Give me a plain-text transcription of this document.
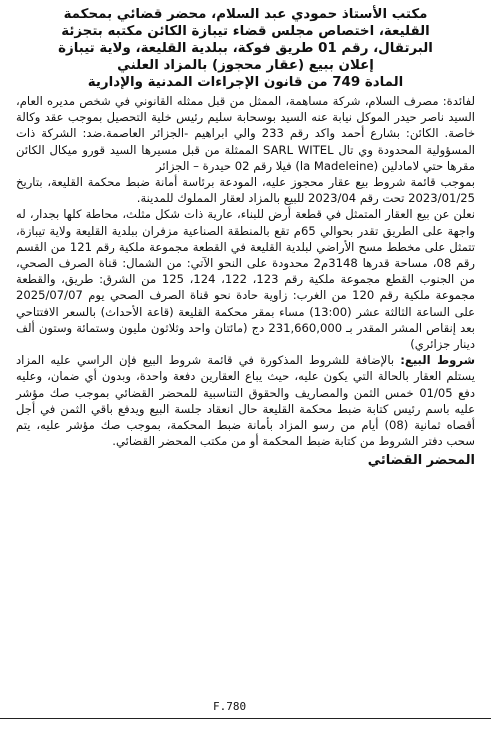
مكتب الأستاذ حمودي عبد السلام، محضر قضائي بمحكمة
القليعة، اختصاص مجلس قضاء تيبازة الكائن مكتبه بتجزئة
البرتقال، رقم 01 طريق فوكة، ببلدية القليعة، ولاية تيبازة
إعلان ببيع (عقار محجوز) بالمزاد العلني
المادة 749 من قانون الإجراءات المدنية والإدارية

لفائدة: مصرف السلام، شركة مساهمة، الممثل من قبل ممثله القانوني في شخص مديره العام، السيد ناصر حيدر الموكل نيابة عنه السيد بوسحابة سليم رئيس خلية التحصيل بموجب عقد وكالة خاصة. الكائن: بشارع أحمد واكد رقم 233 والي ابراهيم -الجزائر العاصمة.ضد: الشركة ذات المسؤولية المحدودة وي تال SARL WITEL الممثلة من قبل مسيرها السيد قورو ميكال الكائن مقرها حتي لامادلين (la Madeleine) فيلا رقم 02 حيدرة – الجزائر

بموجب قائمة شروط بيع عقار محجوز عليه، المودعة برئاسة أمانة ضبط محكمة القليعة، بتاريخ 2023/01/25 تحت رقم 2023/04 للبيع بالمزاد لعقار المملوك للمدينة.

نعلن عن بيع العقار المتمثل في قطعة أرض للبناء، عارية ذات شكل مثلث، محاطة كلها بجدار، له واجهة على الطريق تقدر بحوالي 65م تقع بالمنطقة الصناعية مزفران ببلدية القليعة ولاية تيبازة، تتمثل على مخطط مسح الأراضي لبلدية القليعة في القطعة مجموعة ملكية رقم 121 من القسم رقم 08، مساحة قدرها 3148م2 محدودة على النحو الآتي: من الشمال: قناة الصرف الصحي، من الجنوب القطع مجموعة ملكية رقم 123، 122، 124، 125 من الشرق: طريق، والقطعة مجموعة ملكية رقم 120 من الغرب: زاوية حادة نحو قناة الصرف الصحي يوم 2025/07/07 على الساعة الثالثة عشر (13:00) مساء بمقر محكمة القليعة (قاعة الأحداث) بالسعر الافتتاحي بعد إنقاص المشر المقدر بـ 231,660,000 دج (مائتان واحد وثلاثون مليون وستمائة وستون ألف دينار جزائري)

شروط البيع: بالإضافة للشروط المذكورة في قائمة شروط البيع فإن الراسي عليه المزاد يستلم العقار بالحالة التي يكون عليه، حيث يباع العقارين دفعة واحدة، وبدون أي ضمان، وعليه دفع 01/05 خمس الثمن والمصاريف والحقوق التناسبية للمحضر القضائي بموجب صك مؤشر عليه باسم رئيس كتابة ضبط محكمة القليعة حال انعقاد جلسة البيع ويدفع باقي الثمن في أجل أقصاه ثمانية (08) أيام من رسو المزاد بأمانة ضبط المحكمة، بموجب صك مؤشر عليه، يتم سحب دفتر الشروط من كتابة ضبط المحكمة أو من مكتب المحضر القضائي.

المحضر القضائي
F.780
